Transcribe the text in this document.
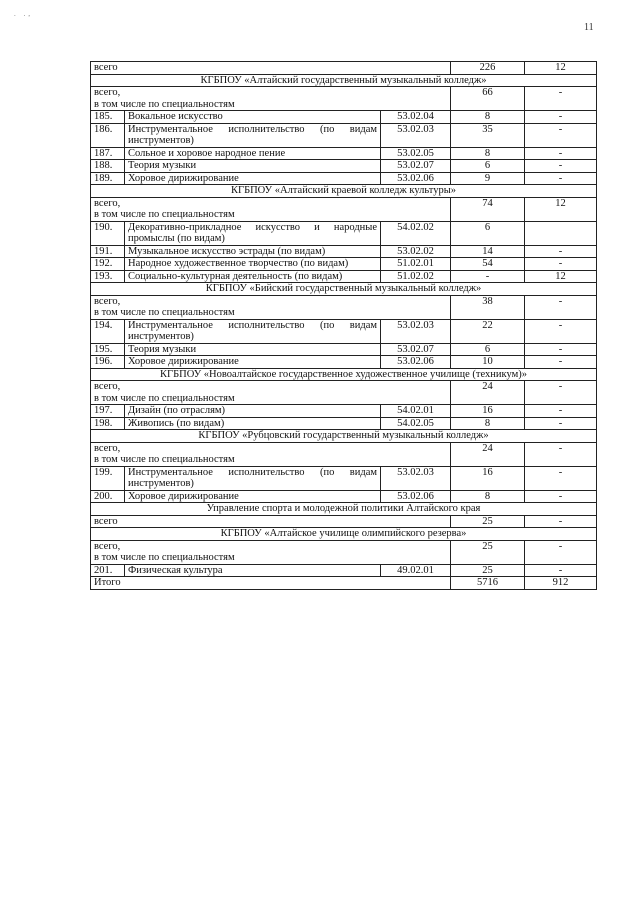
. .,
11
всего			226	12
КГБПОУ «Алтайский государственный музыкальный колледж»				

всего,
в том числе по специальностям			66	-
185.	Вокальное искусство	53.02.04	8	-
186.	Инструментальное исполнительство (по видам инструментов)	53.02.03	35	-
187.	Сольное и хоровое народное пение	53.02.05	8	-
188.	Теория музыки	53.02.07	6	-
189.	Хоровое дирижирование	53.02.06	9	-
КГБПОУ «Алтайский краевой колледж культуры»				

всего,
в том числе по специальностям			74	12
190.	Декоративно-прикладное искусство и народные промыслы (по видам)	54.02.02	6	
191.	Музыкальное искусство эстрады (по видам)	53.02.02	14	-
192.	Народное художественное творчество (по видам)	51.02.01	54	-
193.	Социально-культурная деятельность (по видам)	51.02.02	-	12
КГБПОУ «Бийский государственный музыкальный колледж»				

всего,
в том числе по специальностям			38	-
194.	Инструментальное исполнительство (по видам инструментов)	53.02.03	22	-
195.	Теория музыки	53.02.07	6	-
196.	Хоровое дирижирование	53.02.06	10	-
КГБПОУ «Новоалтайское государственное художественное училище (техникум)»				

всего,
в том числе по специальностям			24	-
197.	Дизайн (по отраслям)	54.02.01	16	-
198.	Живопись (по видам)	54.02.05	8	-
КГБПОУ «Рубцовский государственный музыкальный колледж»				

всего,
в том числе по специальностям			24	-
199.	Инструментальное исполнительство (по видам инструментов)	53.02.03	16	-
200.	Хоровое дирижирование	53.02.06	8	-
Управление спорта и молодежной политики Алтайского края				
всего			25	-
КГБПОУ «Алтайское училище олимпийского резерва»				

всего,
в том числе по специальностям			25	-
201.	Физическая культура	49.02.01	25	-
Итого			5716	912
